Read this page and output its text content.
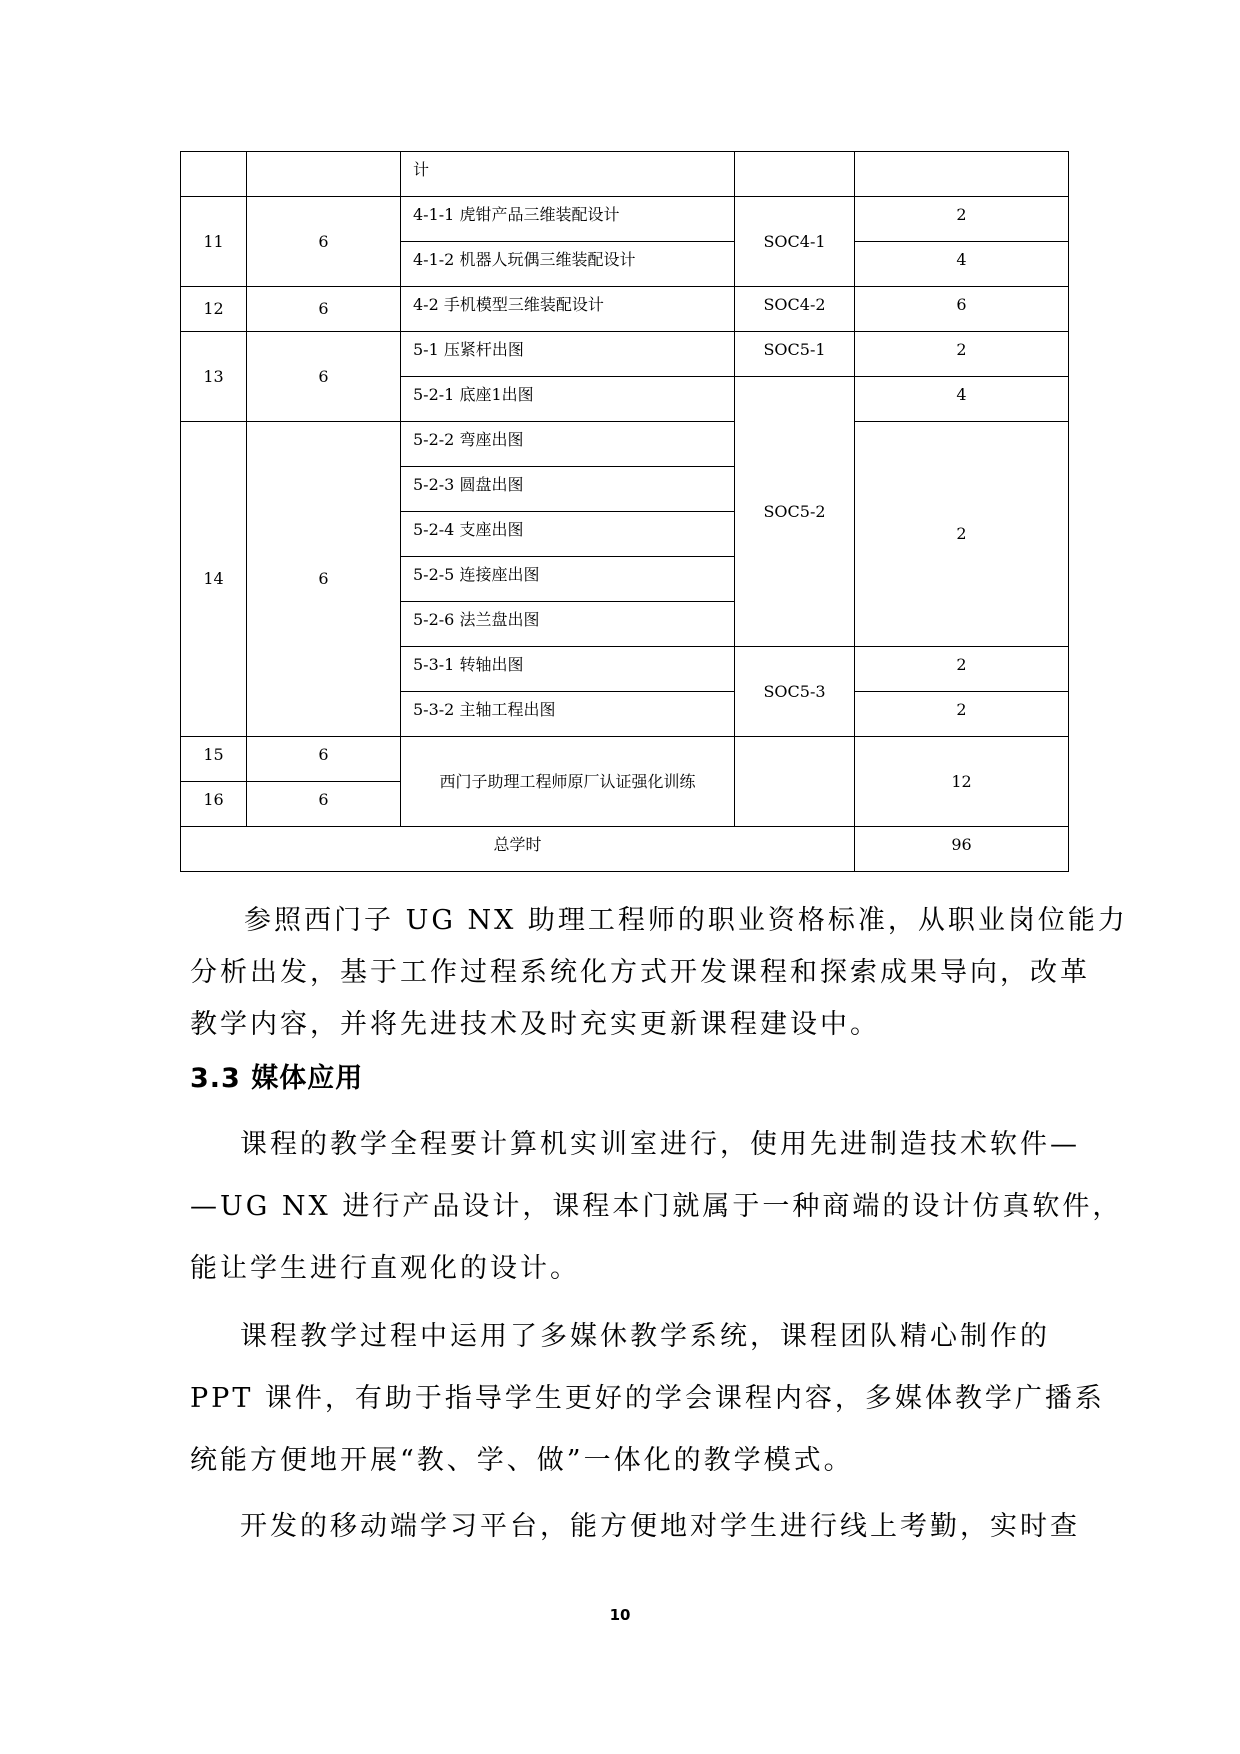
		计		
11	6	4-1-1 虎钳产品三维装配设计	SOC4-1	2
		4-1-2 机器人玩偶三维装配设计		4
12	6	4-2 手机模型三维装配设计	SOC4-2	6
13	6	5-1 压紧杆出图	SOC5-1	2
		5-2-1 底座1出图	SOC5-2	4
14	6	5-2-2 弯座出图		2
		5-2-3 圆盘出图		
		5-2-4 支座出图		
		5-2-5 连接座出图		
		5-2-6 法兰盘出图		
		5-3-1 转轴出图	SOC5-3	2
		5-3-2 主轴工程出图		2
15	6	西门子助理工程师原厂认证强化训练		12
16	6			
总学时				96
参照西门子 UG NX 助理工程师的职业资格标准，从职业岗位能力
分析出发，基于工作过程系统化方式开发课程和探索成果导向，改革
教学内容，并将先进技术及时充实更新课程建设中。
3.3 媒体应用
课程的教学全程要计算机实训室进行，使用先进制造技术软件—
—UG NX 进行产品设计，课程本门就属于一种商端的设计仿真软件，
能让学生进行直观化的设计。
课程教学过程中运用了多媒休教学系统，课程团队精心制作的
PPT 课件，有助于指导学生更好的学会课程内容，多媒体教学广播系
统能方便地开展“教、学、做”一体化的教学模式。
开发的移动端学习平台，能方便地对学生进行线上考勤，实时查
10
